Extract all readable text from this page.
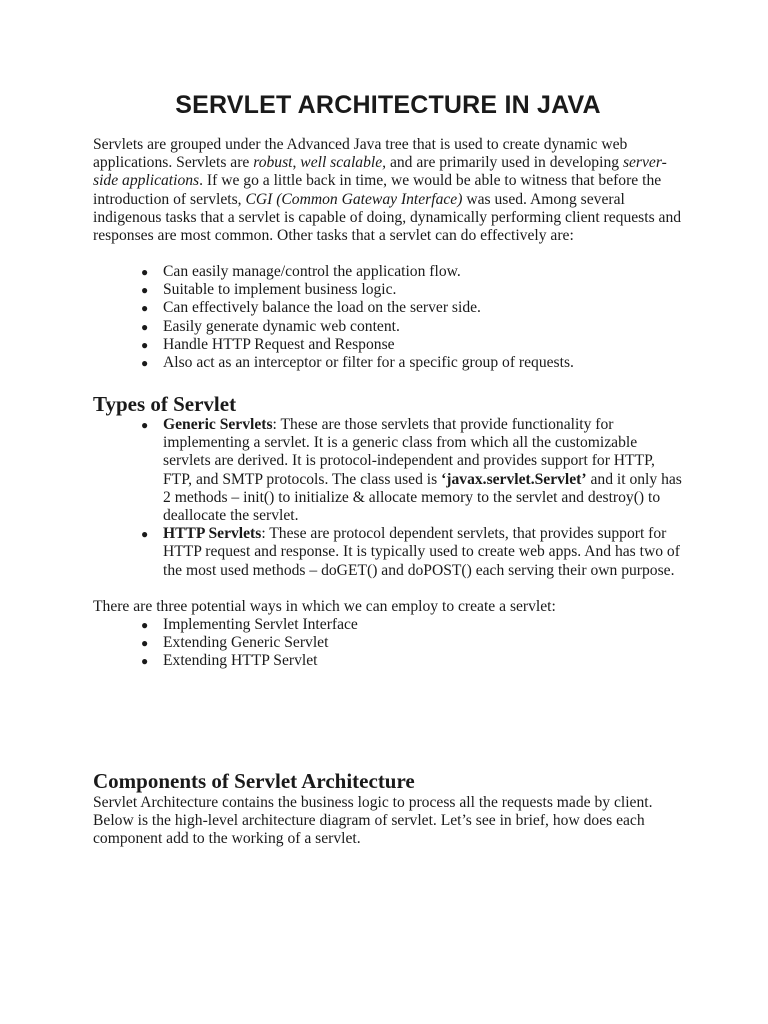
SERVLET ARCHITECTURE IN JAVA

Servlets are grouped under the Advanced Java tree that is used to create dynamic web applications. Servlets are robust, well scalable, and are primarily used in developing server-side applications. If we go a little back in time, we would be able to witness that before the introduction of servlets, CGI (Common Gateway Interface) was used. Among several indigenous tasks that a servlet is capable of doing, dynamically performing client requests and responses are most common. Other tasks that a servlet can do effectively are:

● Can easily manage/control the application flow.
● Suitable to implement business logic.
● Can effectively balance the load on the server side.
● Easily generate dynamic web content.
● Handle HTTP Request and Response
● Also act as an interceptor or filter for a specific group of requests.
Types of Servlet
● Generic Servlets: These are those servlets that provide functionality for implementing a servlet. It is a generic class from which all the customizable servlets are derived. It is protocol-independent and provides support for HTTP, FTP, and SMTP protocols. The class used is ‘javax.servlet.Servlet’ and it only has 2 methods – init() to initialize & allocate memory to the servlet and destroy() to deallocate the servlet.
● HTTP Servlets: These are protocol dependent servlets, that provides support for HTTP request and response. It is typically used to create web apps. And has two of the most used methods – doGET() and doPOST() each serving their own purpose.

There are three potential ways in which we can employ to create a servlet:

● Implementing Servlet Interface
● Extending Generic Servlet
● Extending HTTP Servlet
Components of Servlet Architecture

Servlet Architecture contains the business logic to process all the requests made by client. Below is the high-level architecture diagram of servlet. Let’s see in brief, how does each component add to the working of a servlet.
